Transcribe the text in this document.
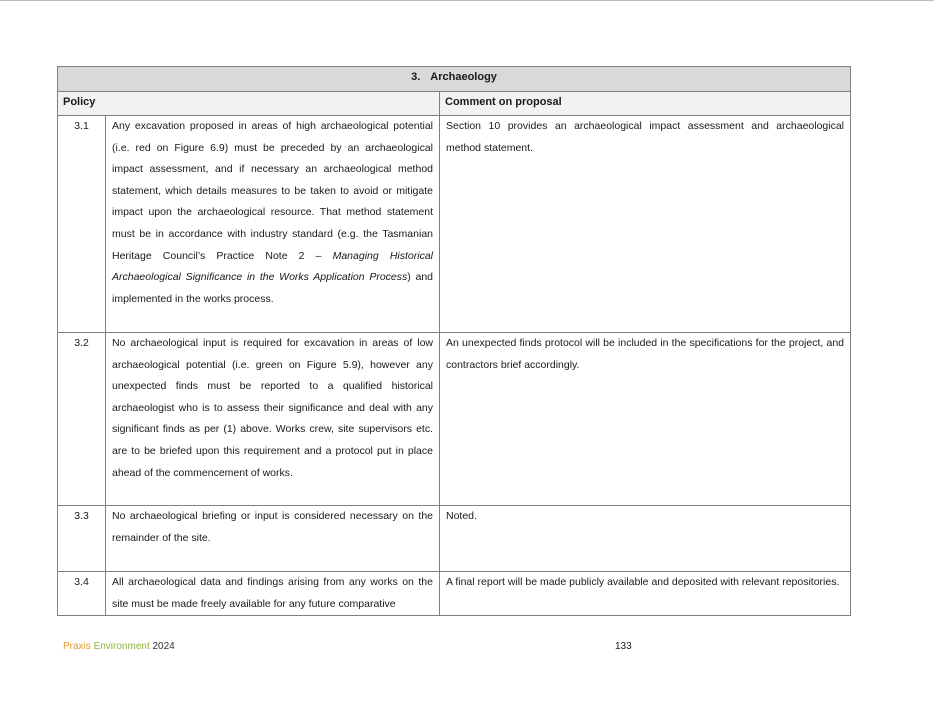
3. Archaeology		

Policy		Comment on proposal

3.1	Any excavation proposed in areas of high archaeological potential (i.e. red on Figure 6.9) must be preceded by an archaeological impact assessment, and if necessary an archaeological method statement, which details measures to be taken to avoid or mitigate impact upon the archaeological resource. That method statement must be in accordance with industry standard (e.g. the Tasmanian Heritage Council’s Practice Note 2 – Managing Historical Archaeological Significance in the Works Application Process) and implemented in the works process.	Section 10 provides an archaeological impact assessment and archaeological method statement.

3.2	No archaeological input is required for excavation in areas of low archaeological potential (i.e. green on Figure 5.9), however any unexpected finds must be reported to a qualified historical archaeologist who is to assess their significance and deal with any significant finds as per (1) above. Works crew, site supervisors etc. are to be briefed upon this requirement and a protocol put in place ahead of the commencement of works.	An unexpected finds protocol will be included in the specifications for the project, and contractors brief accordingly.

3.3	No archaeological briefing or input is considered necessary on the remainder of the site.	Noted.

3.4	All archaeological data and findings arising from any works on the site must be made freely available for any future comparative	A final report will be made publicly available and deposited with relevant repositories.
Praxis Environment 2024	133
